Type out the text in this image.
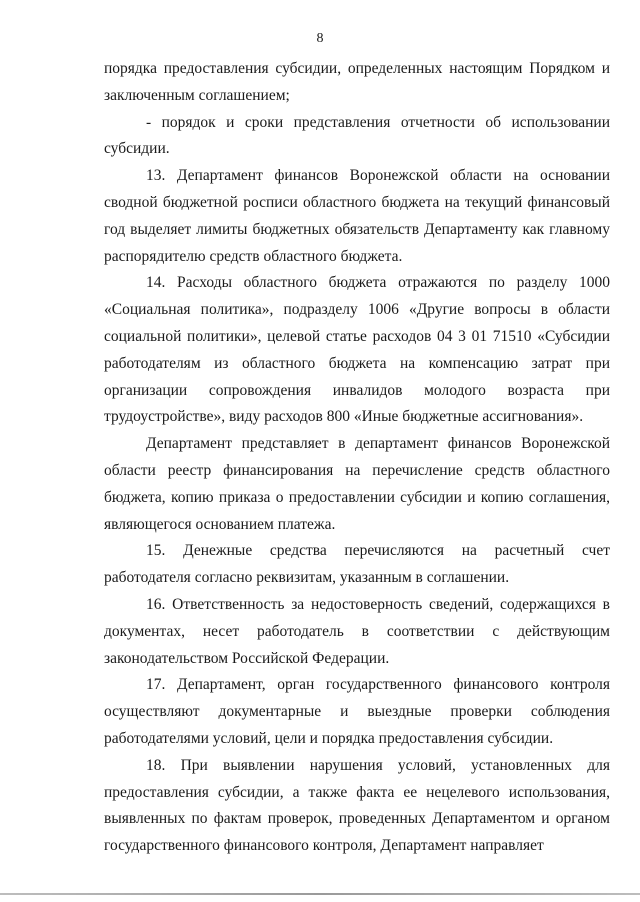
8

порядка предоставления субсидии, определенных настоящим Порядком и заключенным соглашением;

- порядок и сроки представления отчетности об использовании субсидии.

13. Департамент финансов Воронежской области на основании сводной бюджетной росписи областного бюджета на текущий финансовый год выделяет лимиты бюджетных обязательств Департаменту как главному распорядителю средств областного бюджета.

14. Расходы областного бюджета отражаются по разделу 1000 «Социальная политика», подразделу 1006 «Другие вопросы в области социальной политики», целевой статье расходов 04 3 01 71510 «Субсидии работодателям из областного бюджета на компенсацию затрат при организации сопровождения инвалидов молодого возраста при трудоустройстве», виду расходов 800 «Иные бюджетные ассигнования».

Департамент представляет в департамент финансов Воронежской области реестр финансирования на перечисление средств областного бюджета, копию приказа о предоставлении субсидии и копию соглашения, являющегося основанием платежа.

15. Денежные средства перечисляются на расчетный счет работодателя согласно реквизитам, указанным в соглашении.

16. Ответственность за недостоверность сведений, содержащихся в документах, несет работодатель в соответствии с действующим законодательством Российской Федерации.

17. Департамент, орган государственного финансового контроля осуществляют документарные и выездные проверки соблюдения работодателями условий, цели и порядка предоставления субсидии.

18. При выявлении нарушения условий, установленных для предоставления субсидии, а также факта ее нецелевого использования, выявленных по фактам проверок, проведенных Департаментом и органом государственного финансового контроля, Департамент направляет
